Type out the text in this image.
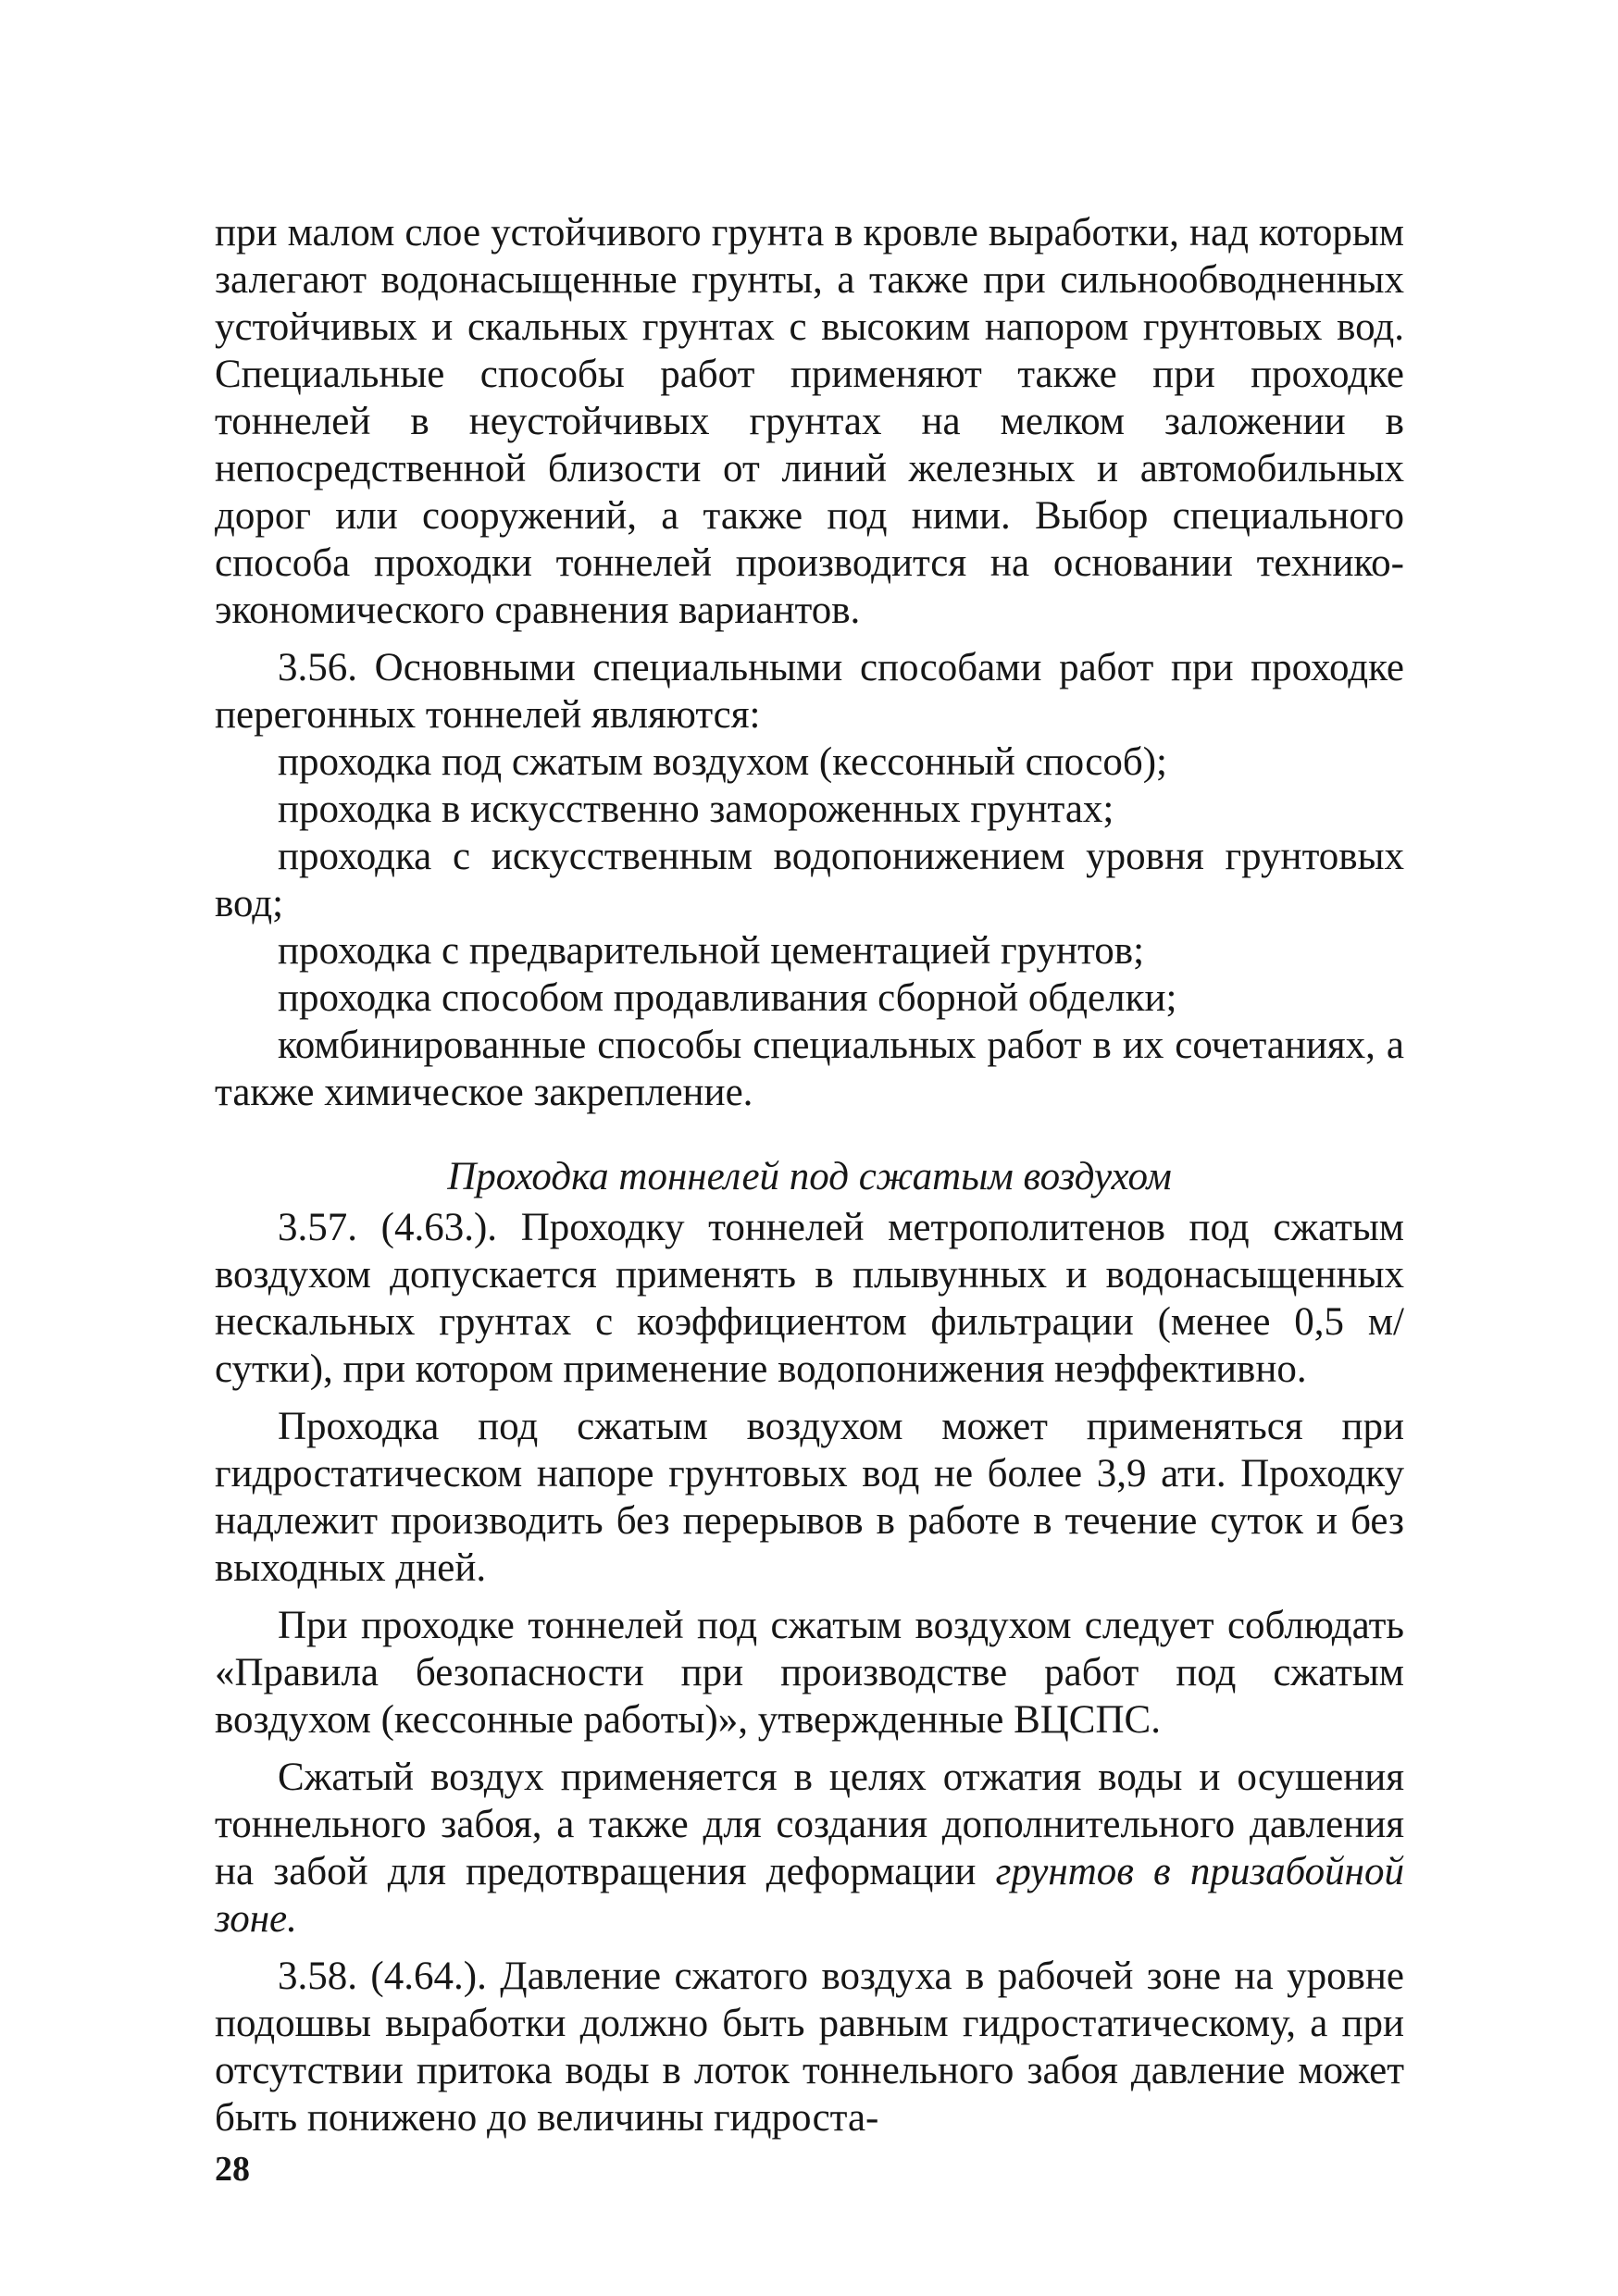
при малом слое устойчивого грунта в кровле выработки, над которым залегают водонасыщенные грунты, а также при сильнообводненных устойчивых и скальных грунтах с высоким напором грунтовых вод. Специальные способы работ применяют также при проходке тоннелей в неустойчивых грунтах на мелком заложении в непосредственной близости от линий железных и автомобильных дорог или сооружений, а также под ними. Выбор специального способа проходки тоннелей производится на основании технико-экономического сравнения вариантов.

3.56. Основными специальными способами работ при проходке перегонных тоннелей являются:

проходка под сжатым воздухом (кессонный способ);

проходка в искусственно замороженных грунтах;

проходка с искусственным водопонижением уровня грунтовых вод;

проходка с предварительной цементацией грунтов;

проходка способом продавливания сборной обделки;

комбинированные способы специальных работ в их сочетаниях, а также химическое закрепление.

Проходка тоннелей под сжатым воздухом

3.57. (4.63.). Проходку тоннелей метрополитенов под сжатым воздухом допускается применять в плывунных и водонасыщенных нескальных грунтах с коэффициентом фильтрации (менее 0,5 м/сутки), при котором применение водопонижения неэффективно.

Проходка под сжатым воздухом может применяться при гидростатическом напоре грунтовых вод не более 3,9 ати. Проходку надлежит производить без перерывов в работе в течение суток и без выходных дней.

При проходке тоннелей под сжатым воздухом следует соблюдать «Правила безопасности при производстве работ под сжатым воздухом (кессонные работы)», утвержденные ВЦСПС.

Сжатый воздух применяется в целях отжатия воды и осушения тоннельного забоя, а также для создания дополнительного давления на забой для предотвращения деформации грунтов в призабойной зоне.

3.58. (4.64.). Давление сжатого воздуха в рабочей зоне на уровне подошвы выработки должно быть равным гидростатическому, а при отсутствии притока воды в лоток тоннельного забоя давление может быть понижено до величины гидроста-

28
